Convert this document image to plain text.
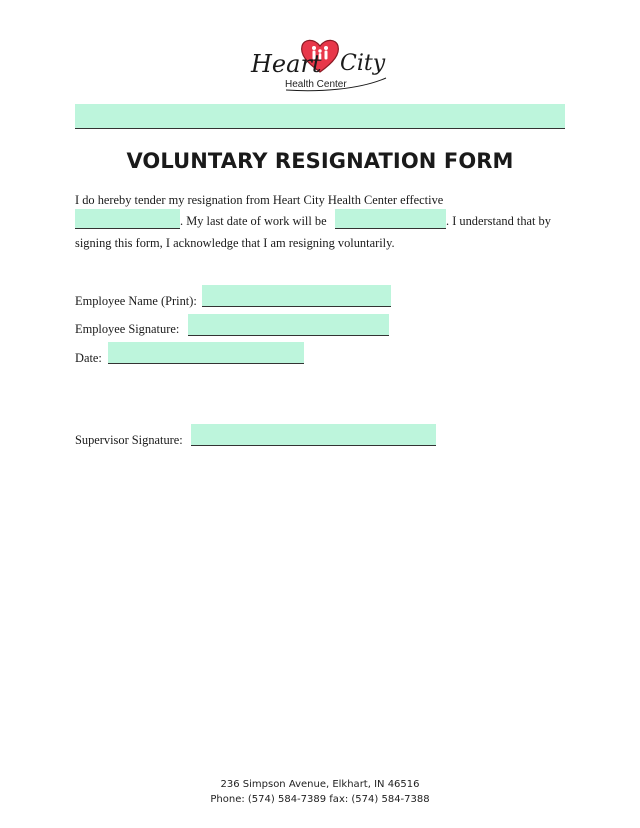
Heart City
Health Center
VOLUNTARY RESIGNATION FORM
I do hereby tender my resignation from Heart City Health Center effective
. My last date of work will be	. I understand that by
signing this form, I acknowledge that I am resigning voluntarily.
Employee Name (Print):
Employee Signature:
Date:
Supervisor Signature:
236 Simpson Avenue, Elkhart, IN 46516
Phone: (574) 584-7389 fax: (574) 584-7388
